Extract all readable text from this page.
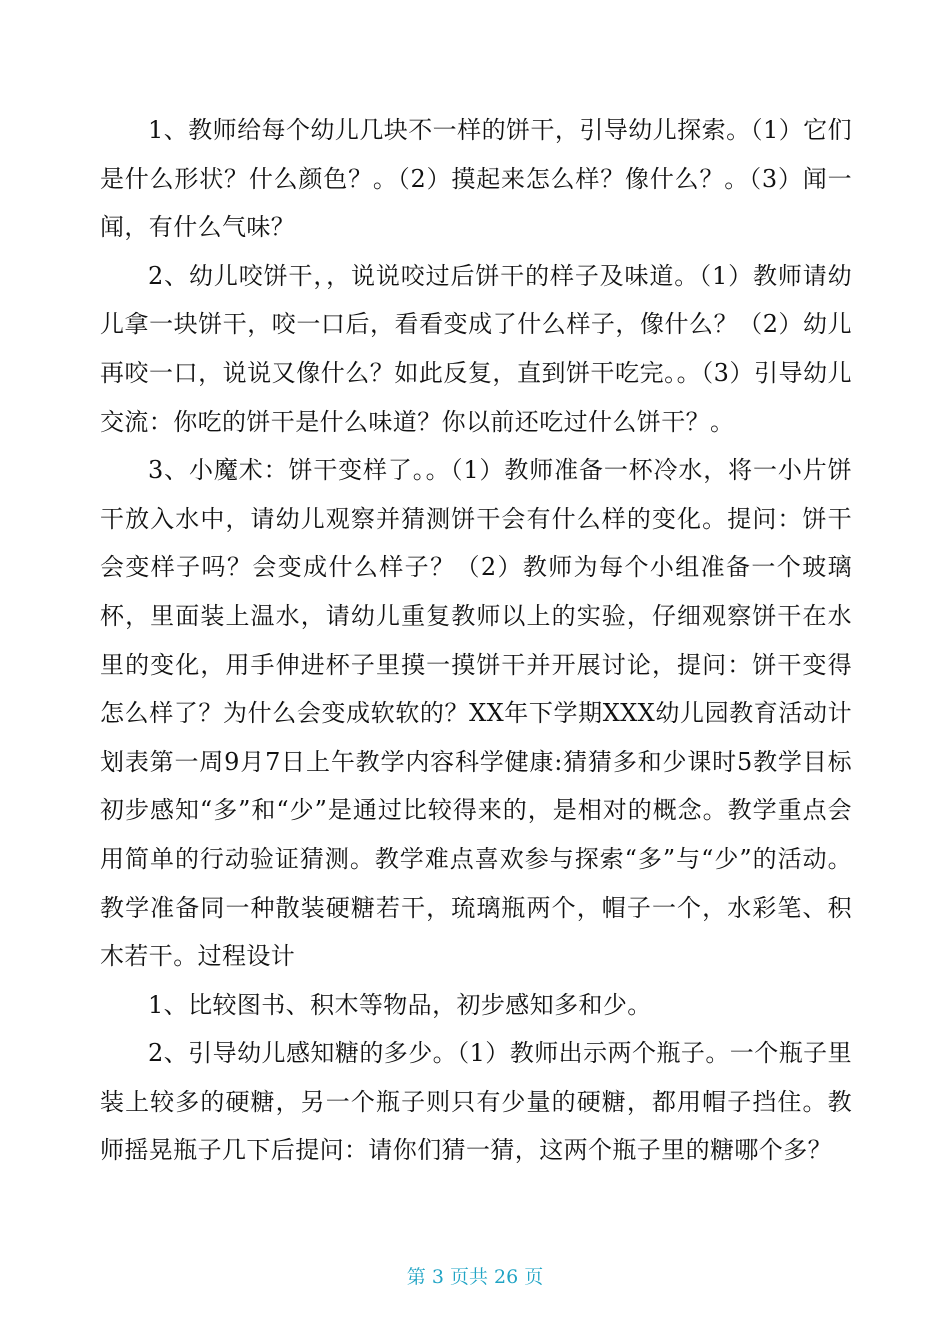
1、教师给每个幼儿几块不一样的饼干，引导幼儿探索。（1）它们是什么形状？什么颜色？。（2）摸起来怎么样？像什么？。（3）闻一闻，有什么气味？

2、幼儿咬饼干，，说说咬过后饼干的样子及味道。（1）教师请幼儿拿一块饼干，咬一口后，看看变成了什么样子，像什么？（2）幼儿再咬一口，说说又像什么？如此反复，直到饼干吃完。。（3）引导幼儿交流：你吃的饼干是什么味道？你以前还吃过什么饼干？。

3、小魔术：饼干变样了。。（1）教师准备一杯冷水，将一小片饼干放入水中，请幼儿观察并猜测饼干会有什么样的变化。提问：饼干会变样子吗？会变成什么样子？（2）教师为每个小组准备一个玻璃杯，里面装上温水，请幼儿重复教师以上的实验，仔细观察饼干在水里的变化，用手伸进杯子里摸一摸饼干并开展讨论，提问：饼干变得怎么样了？为什么会变成软软的？XX年下学期XXX幼儿园教育活动计划表第一周9月7日上午教学内容科学健康:猜猜多和少课时5教学目标初步感知“多”和“少”是通过比较得来的，是相对的概念。教学重点会用简单的行动验证猜测。教学难点喜欢参与探索“多”与“少”的活动。教学准备同一种散装硬糖若干，琉璃瓶两个，帽子一个，水彩笔、积木若干。过程设计

1、比较图书、积木等物品，初步感知多和少。

2、引导幼儿感知糖的多少。（1）教师出示两个瓶子。一个瓶子里装上较多的硬糖，另一个瓶子则只有少量的硬糖，都用帽子挡住。教师摇晃瓶子几下后提问：请你们猜一猜，这两个瓶子里的糖哪个多？

第 3 页共 26 页
